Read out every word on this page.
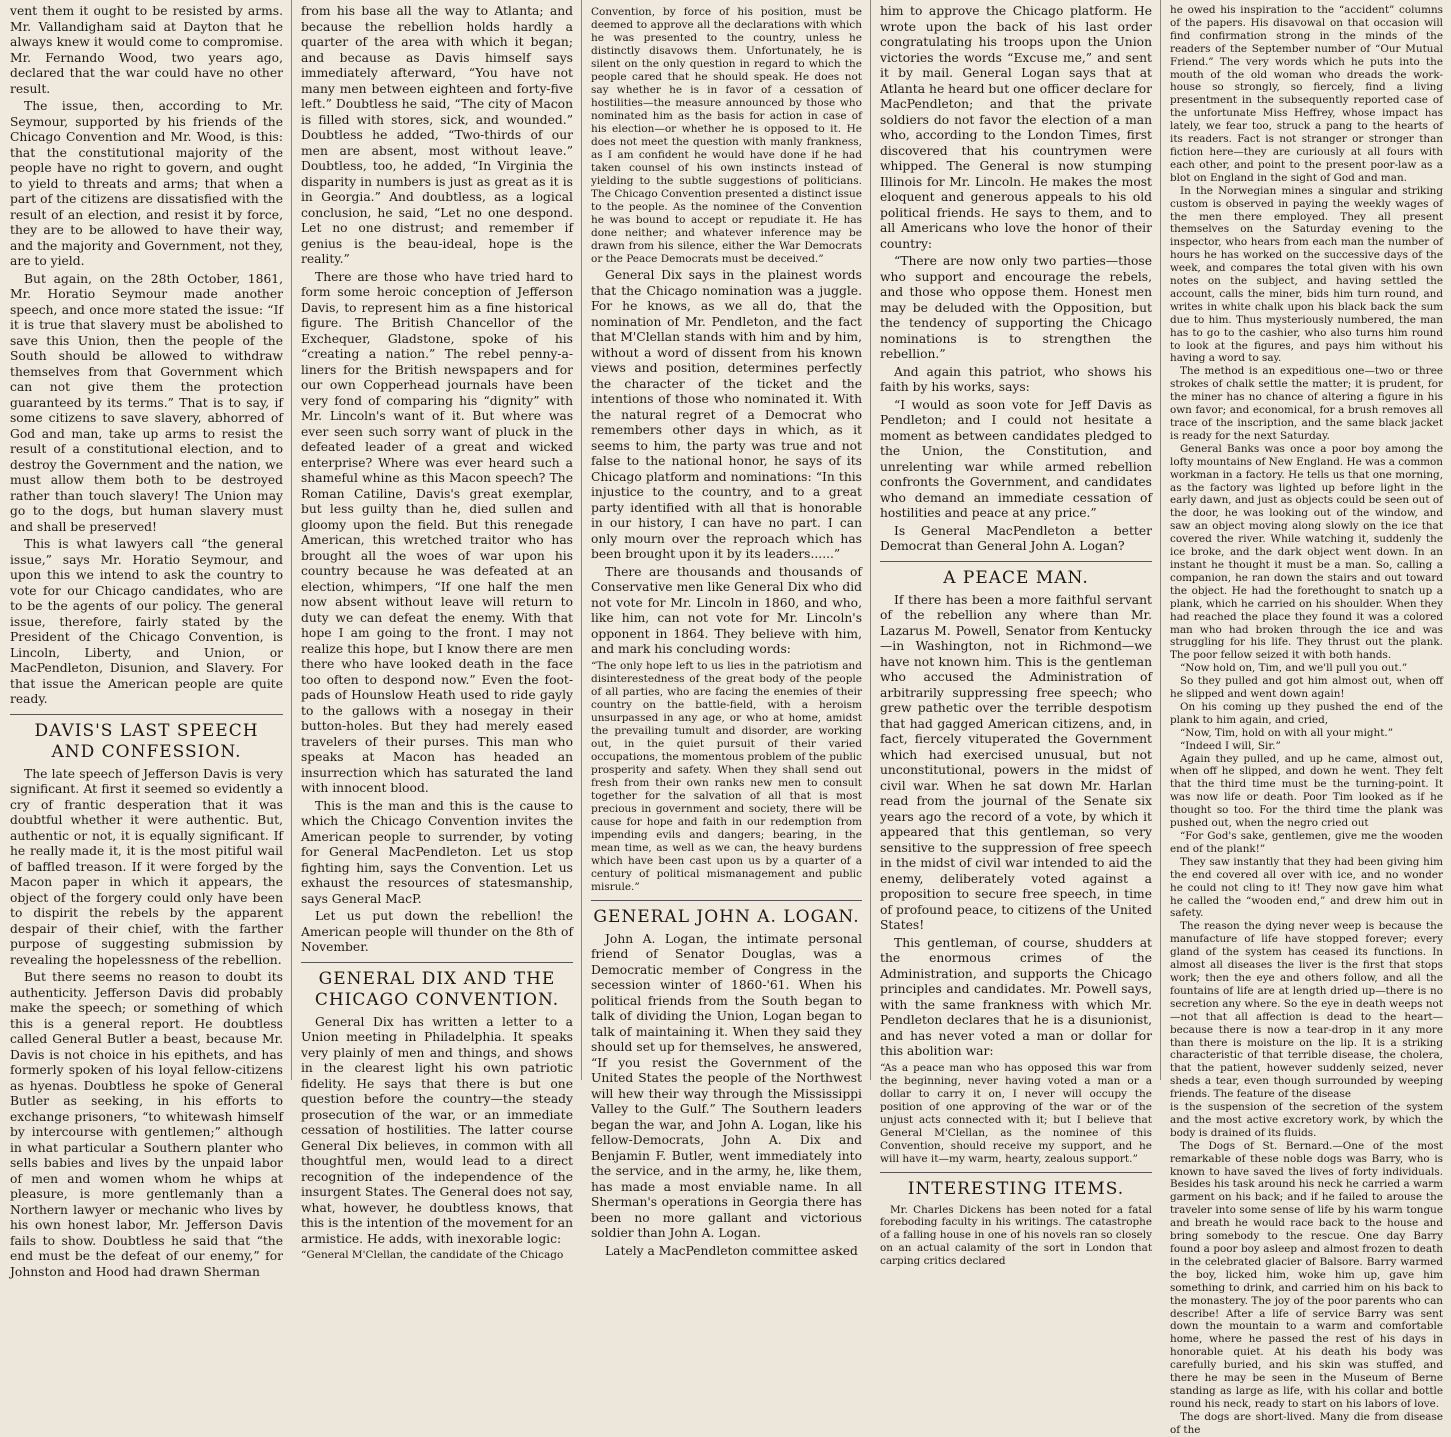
vent them it ought to be resisted by arms. Mr. Vallandigham said at Dayton that he always knew it would come to compromise. Mr. Fernando Wood, two years ago, declared that the war could have no other result.

The issue, then, according to Mr. Seymour, supported by his friends of the Chicago Convention and Mr. Wood, is this: that the constitutional majority of the people have no right to govern, and ought to yield to threats and arms; that when a part of the citizens are dissatisfied with the result of an election, and resist it by force, they are to be allowed to have their way, and the majority and Government, not they, are to yield.

But again, on the 28th October, 1861, Mr. Horatio Seymour made another speech, and once more stated the issue: “If it is true that slavery must be abolished to save this Union, then the people of the South should be allowed to withdraw themselves from that Government which can not give them the protection guaranteed by its terms.” That is to say, if some citizens to save slavery, abhorred of God and man, take up arms to resist the result of a constitutional election, and to destroy the Government and the nation, we must allow them both to be destroyed rather than touch slavery! The Union may go to the dogs, but human slavery must and shall be preserved!

This is what lawyers call “the general issue,” says Mr. Horatio Seymour, and upon this we intend to ask the country to vote for our Chicago candidates, who are to be the agents of our policy. The general issue, therefore, fairly stated by the President of the Chicago Convention, is Lincoln, Liberty, and Union, or MacPendleton, Disunion, and Slavery. For that issue the American people are quite ready.

DAVIS'S LAST SPEECH AND CONFESSION.

The late speech of Jefferson Davis is very significant. At first it seemed so evidently a cry of frantic desperation that it was doubtful whether it were authentic. But, authentic or not, it is equally significant. If he really made it, it is the most pitiful wail of baffled treason. If it were forged by the Macon paper in which it appears, the object of the forgery could only have been to dispirit the rebels by the apparent despair of their chief, with the farther purpose of suggesting submission by revealing the hopelessness of the rebellion.

But there seems no reason to doubt its authenticity. Jefferson Davis did probably make the speech; or something of which this is a general report. He doubtless called General Butler a beast, because Mr. Davis is not choice in his epithets, and has formerly spoken of his loyal fellow-citizens as hyenas. Doubtless he spoke of General Butler as seeking, in his efforts to exchange prisoners, “to whitewash himself by intercourse with gentlemen;” although in what particular a Southern planter who sells babies and lives by the unpaid labor of men and women whom he whips at pleasure, is more gentlemanly than a Northern lawyer or mechanic who lives by his own honest labor, Mr. Jefferson Davis fails to show. Doubtless he said that “the end must be the defeat of our enemy,” for Johnston and Hood had drawn Sherman

from his base all the way to Atlanta; and because the rebellion holds hardly a quarter of the area with which it began; and because as Davis himself says immediately afterward, “You have not many men between eighteen and forty-five left.” Doubtless he said, “The city of Macon is filled with stores, sick, and wounded.” Doubtless he added, “Two-thirds of our men are absent, most without leave.” Doubtless, too, he added, “In Virginia the disparity in numbers is just as great as it is in Georgia.” And doubtless, as a logical conclusion, he said, “Let no one despond. Let no one distrust; and remember if genius is the beau-ideal, hope is the reality.”

There are those who have tried hard to form some heroic conception of Jefferson Davis, to represent him as a fine historical figure. The British Chancellor of the Exchequer, Gladstone, spoke of his “creating a nation.” The rebel penny-a-liners for the British newspapers and for our own Copperhead journals have been very fond of comparing his “dignity” with Mr. Lincoln's want of it. But where was ever seen such sorry want of pluck in the defeated leader of a great and wicked enterprise? Where was ever heard such a shameful whine as this Macon speech? The Roman Catiline, Davis's great exemplar, but less guilty than he, died sullen and gloomy upon the field. But this renegade American, this wretched traitor who has brought all the woes of war upon his country because he was defeated at an election, whimpers, “If one half the men now absent without leave will return to duty we can defeat the enemy. With that hope I am going to the front. I may not realize this hope, but I know there are men there who have looked death in the face too often to despond now.” Even the foot-pads of Hounslow Heath used to ride gayly to the gallows with a nosegay in their button-holes. But they had merely eased travelers of their purses. This man who speaks at Macon has headed an insurrection which has saturated the land with innocent blood.

This is the man and this is the cause to which the Chicago Convention invites the American people to surrender, by voting for General MacPendleton. Let us stop fighting him, says the Convention. Let us exhaust the resources of statesmanship, says General MacP.

Let us put down the rebellion! the American people will thunder on the 8th of November.

GENERAL DIX AND THE CHICAGO CONVENTION.

General Dix has written a letter to a Union meeting in Philadelphia. It speaks very plainly of men and things, and shows in the clearest light his own patriotic fidelity. He says that there is but one question before the country—the steady prosecution of the war, or an immediate cessation of hostilities. The latter course General Dix believes, in common with all thoughtful men, would lead to a direct recognition of the independence of the insurgent States. The General does not say, what, however, he doubtless knows, that this is the intention of the movement for an armistice. He adds, with inexorable logic:

“General M'Clellan, the candidate of the Chicago
Convention, by force of his position, must be deemed to approve all the declarations with which he was presented to the country, unless he distinctly disavows them. Unfortunately, he is silent on the only question in regard to which the people cared that he should speak. He does not say whether he is in favor of a cessation of hostilities—the measure announced by those who nominated him as the basis for action in case of his election—or whether he is opposed to it. He does not meet the question with manly frankness, as I am confident he would have done if he had taken counsel of his own instincts instead of yielding to the subtle suggestions of politicians. The Chicago Convention presented a distinct issue to the people. As the nominee of the Convention he was bound to accept or repudiate it. He has done neither; and whatever inference may be drawn from his silence, either the War Democrats or the Peace Democrats must be deceived.”

General Dix says in the plainest words that the Chicago nomination was a juggle. For he knows, as we all do, that the nomination of Mr. Pendleton, and the fact that M'Clellan stands with him and by him, without a word of dissent from his known views and position, determines perfectly the character of the ticket and the intentions of those who nominated it. With the natural regret of a Democrat who remembers other days in which, as it seems to him, the party was true and not false to the national honor, he says of its Chicago platform and nominations: “In this injustice to the country, and to a great party identified with all that is honorable in our history, I can have no part. I can only mourn over the reproach which has been brought upon it by its leaders......”

There are thousands and thousands of Conservative men like General Dix who did not vote for Mr. Lincoln in 1860, and who, like him, can not vote for Mr. Lincoln's opponent in 1864. They believe with him, and mark his concluding words:

“The only hope left to us lies in the patriotism and disinterestedness of the great body of the people of all parties, who are facing the enemies of their country on the battle-field, with a heroism unsurpassed in any age, or who at home, amidst the prevailing tumult and disorder, are working out, in the quiet pursuit of their varied occupations, the momentous problem of the public prosperity and safety. When they shall send out fresh from their own ranks new men to consult together for the salvation of all that is most precious in government and society, there will be cause for hope and faith in our redemption from impending evils and dangers; bearing, in the mean time, as well as we can, the heavy burdens which have been cast upon us by a quarter of a century of political mismanagement and public misrule.”
GENERAL JOHN A. LOGAN.

John A. Logan, the intimate personal friend of Senator Douglas, was a Democratic member of Congress in the secession winter of 1860-'61. When his political friends from the South began to talk of dividing the Union, Logan began to talk of maintaining it. When they said they should set up for themselves, he answered, “If you resist the Government of the United States the people of the Northwest will hew their way through the Mississippi Valley to the Gulf.” The Southern leaders began the war, and John A. Logan, like his fellow-Democrats, John A. Dix and Benjamin F. Butler, went immediately into the service, and in the army, he, like them, has made a most enviable name. In all Sherman's operations in Georgia there has been no more gallant and victorious soldier than John A. Logan.

Lately a MacPendleton committee asked

him to approve the Chicago platform. He wrote upon the back of his last order congratulating his troops upon the Union victories the words “Excuse me,” and sent it by mail. General Logan says that at Atlanta he heard but one officer declare for MacPendleton; and that the private soldiers do not favor the election of a man who, according to the London Times, first discovered that his countrymen were whipped. The General is now stumping Illinois for Mr. Lincoln. He makes the most eloquent and generous appeals to his old political friends. He says to them, and to all Americans who love the honor of their country:

“There are now only two parties—those who support and encourage the rebels, and those who oppose them. Honest men may be deluded with the Opposition, but the tendency of supporting the Chicago nominations is to strengthen the rebellion.”

And again this patriot, who shows his faith by his works, says:

“I would as soon vote for Jeff Davis as Pendleton; and I could not hesitate a moment as between candidates pledged to the Union, the Constitution, and unrelenting war while armed rebellion confronts the Government, and candidates who demand an immediate cessation of hostilities and peace at any price.”

Is General MacPendleton a better Democrat than General John A. Logan?

A PEACE MAN.

If there has been a more faithful servant of the rebellion any where than Mr. Lazarus M. Powell, Senator from Kentucky—in Washington, not in Richmond—we have not known him. This is the gentleman who accused the Administration of arbitrarily suppressing free speech; who grew pathetic over the terrible despotism that had gagged American citizens, and, in fact, fiercely vituperated the Government which had exercised unusual, but not unconstitutional, powers in the midst of civil war. When he sat down Mr. Harlan read from the journal of the Senate six years ago the record of a vote, by which it appeared that this gentleman, so very sensitive to the suppression of free speech in the midst of civil war intended to aid the enemy, deliberately voted against a proposition to secure free speech, in time of profound peace, to citizens of the United States!

This gentleman, of course, shudders at the enormous crimes of the Administration, and supports the Chicago principles and candidates. Mr. Powell says, with the same frankness with which Mr. Pendleton declares that he is a disunionist, and has never voted a man or dollar for this abolition war:

“As a peace man who has opposed this war from the beginning, never having voted a man or a dollar to carry it on, I never will occupy the position of one approving of the war or of the unjust acts connected with it; but I believe that General M'Clellan, as the nominee of this Convention, should receive my support, and he will have it—my warm, hearty, zealous support.”
INTERESTING ITEMS.
Mr. Charles Dickens has been noted for a fatal foreboding faculty in his writings. The catastrophe of a falling house in one of his novels ran so closely on an actual calamity of the sort in London that carping critics declared
he owed his inspiration to the “accident” columns of the papers. His disavowal on that occasion will find confirmation strong in the minds of the readers of the September number of “Our Mutual Friend.” The very words which he puts into the mouth of the old woman who dreads the work-house so strongly, so fiercely, find a living presentment in the subsequently reported case of the unfortunate Miss Heffrey, whose impact has lately, we fear too, struck a pang to the hearts of its readers. Fact is not stranger or stronger than fiction here—they are curiously at all fours with each other, and point to the present poor-law as a blot on England in the sight of God and man.
In the Norwegian mines a singular and striking custom is observed in paying the weekly wages of the men there employed. They all present themselves on the Saturday evening to the inspector, who hears from each man the number of hours he has worked on the successive days of the week, and compares the total given with his own notes on the subject, and having settled the account, calls the miner, bids him turn round, and writes in white chalk upon his black back the sum due to him. Thus mysteriously numbered, the man has to go to the cashier, who also turns him round to look at the figures, and pays him without his having a word to say.
The method is an expeditious one—two or three strokes of chalk settle the matter; it is prudent, for the miner has no chance of altering a figure in his own favor; and economical, for a brush removes all trace of the inscription, and the same black jacket is ready for the next Saturday.
General Banks was once a poor boy among the lofty mountains of New England. He was a common workman in a factory. He tells us that one morning, as the factory was lighted up before light in the early dawn, and just as objects could be seen out of the door, he was looking out of the window, and saw an object moving along slowly on the ice that covered the river. While watching it, suddenly the ice broke, and the dark object went down. In an instant he thought it must be a man. So, calling a companion, he ran down the stairs and out toward the object. He had the forethought to snatch up a plank, which he carried on his shoulder. When they had reached the place they found it was a colored man who had broken through the ice and was struggling for his life. They thrust out the plank. The poor fellow seized it with both hands.
“Now hold on, Tim, and we'll pull you out.”
So they pulled and got him almost out, when off he slipped and went down again!
On his coming up they pushed the end of the plank to him again, and cried,
“Now, Tim, hold on with all your might.”
“Indeed I will, Sir.”
Again they pulled, and up he came, almost out, when off he slipped, and down he went. They felt that the third time must be the turning-point. It was now life or death. Poor Tim looked as if he thought so too. For the third time the plank was pushed out, when the negro cried out
“For God's sake, gentlemen, give me the wooden end of the plank!”
They saw instantly that they had been giving him the end covered all over with ice, and no wonder he could not cling to it! They now gave him what he called the “wooden end,” and drew him out in safety.
The reason the dying never weep is because the manufacture of life have stopped forever; every gland of the system has ceased its functions. In almost all diseases the liver is the first that stops work; then the eye and others follow, and all the fountains of life are at length dried up—there is no secretion any where. So the eye in death weeps not—not that all affection is dead to the heart—because there is now a tear-drop in it any more than there is moisture on the lip. It is a striking characteristic of that terrible disease, the cholera, that the patient, however suddenly seized, never sheds a tear, even though surrounded by weeping friends. The feature of the disease
is the suspension of the secretion of the system and the most active excretory work, by which the body is drained of its fluids.
The Dogs of St. Bernard.—One of the most remarkable of these noble dogs was Barry, who is known to have saved the lives of forty individuals. Besides his task around his neck he carried a warm garment on his back; and if he failed to arouse the traveler into some sense of life by his warm tongue and breath he would race back to the house and bring somebody to the rescue. One day Barry found a poor boy asleep and almost frozen to death in the celebrated glacier of Balsore. Barry warmed the boy, licked him, woke him up, gave him something to drink, and carried him on his back to the monastery. The joy of the poor parents who can describe! After a life of service Barry was sent down the mountain to a warm and comfortable home, where he passed the rest of his days in honorable quiet. At his death his body was carefully buried, and his skin was stuffed, and there he may be seen in the Museum of Berne standing as large as life, with his collar and bottle round his neck, ready to start on his labors of love.
The dogs are short-lived. Many die from disease of the
